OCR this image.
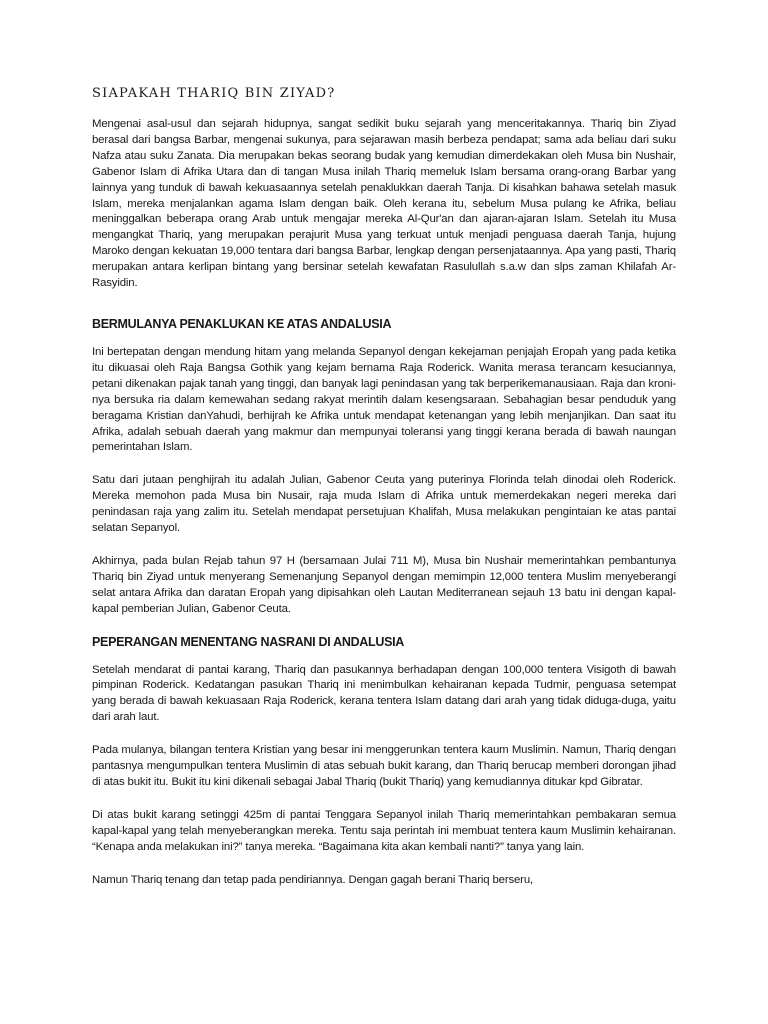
SIAPAKAH THARIQ BIN ZIYAD?

Mengenai asal-usul dan sejarah hidupnya, sangat sedikit buku sejarah yang menceritakannya. Thariq bin Ziyad berasal dari bangsa Barbar, mengenai sukunya, para sejarawan masih berbeza pendapat; sama ada beliau dari suku Nafza atau suku Zanata. Dia merupakan bekas seorang budak yang kemudian dimerdekakan oleh Musa bin Nushair, Gabenor Islam di Afrika Utara dan di tangan Musa inilah Thariq memeluk Islam bersama orang-orang Barbar yang lainnya yang tunduk di bawah kekuasaannya setelah penaklukkan daerah Tanja. Di kisahkan bahawa setelah masuk Islam, mereka menjalankan agama Islam dengan baik. Oleh kerana itu, sebelum Musa pulang ke Afrika, beliau meninggalkan beberapa orang Arab untuk mengajar mereka Al-Qur'an dan ajaran-ajaran Islam. Setelah itu Musa mengangkat Thariq, yang merupakan perajurit Musa yang terkuat untuk menjadi penguasa daerah Tanja, hujung Maroko dengan kekuatan 19,000 tentara dari bangsa Barbar, lengkap dengan persenjataannya. Apa yang pasti, Thariq merupakan antara kerlipan bintang yang bersinar setelah kewafatan Rasulullah s.a.w dan slps zaman Khilafah Ar-Rasyidin.

BERMULANYA PENAKLUKAN KE ATAS ANDALUSIA

Ini bertepatan dengan mendung hitam yang melanda Sepanyol dengan kekejaman penjajah Eropah yang pada ketika itu dikuasai oleh Raja Bangsa Gothik yang kejam bernama Raja Roderick. Wanita merasa terancam kesuciannya, petani dikenakan pajak tanah yang tinggi, dan banyak lagi penindasan yang tak berperikemanausiaan. Raja dan kroni-nya bersuka ria dalam kemewahan sedang rakyat merintih dalam kesengsaraan. Sebahagian besar penduduk yang beragama Kristian danYahudi, berhijrah ke Afrika untuk mendapat ketenangan yang lebih menjanjikan. Dan saat itu Afrika, adalah sebuah daerah yang makmur dan mempunyai toleransi yang tinggi kerana berada di bawah naungan pemerintahan Islam.

Satu dari jutaan penghijrah itu adalah Julian, Gabenor Ceuta yang puterinya Florinda telah dinodai oleh Roderick. Mereka memohon pada Musa bin Nusair, raja muda Islam di Afrika untuk memerdekakan negeri mereka dari penindasan raja yang zalim itu. Setelah mendapat persetujuan Khalifah, Musa melakukan pengintaian ke atas pantai selatan Sepanyol.

Akhirnya, pada bulan Rejab tahun 97 H (bersamaan Julai 711 M), Musa bin Nushair memerintahkan pembantunya Thariq bin Ziyad untuk menyerang Semenanjung Sepanyol dengan memimpin 12,000 tentera Muslim menyeberangi selat antara Afrika dan daratan Eropah yang dipisahkan oleh Lautan Mediterranean sejauh 13 batu ini dengan kapal-kapal pemberian Julian, Gabenor Ceuta.

PEPERANGAN MENENTANG NASRANI DI ANDALUSIA

Setelah mendarat di pantai karang, Thariq dan pasukannya berhadapan dengan 100,000 tentera Visigoth di bawah pimpinan Roderick. Kedatangan pasukan Thariq ini menimbulkan kehairanan kepada Tudmir, penguasa setempat yang berada di bawah kekuasaan Raja Roderick, kerana tentera Islam datang dari arah yang tidak diduga-duga, yaitu dari arah laut.

Pada mulanya, bilangan tentera Kristian yang besar ini menggerunkan tentera kaum Muslimin. Namun, Thariq dengan pantasnya mengumpulkan tentera Muslimin di atas sebuah bukit karang, dan Thariq berucap memberi dorongan jihad di atas bukit itu. Bukit itu kini dikenali sebagai Jabal Thariq (bukit Thariq) yang kemudiannya ditukar kpd Gibratar.

Di atas bukit karang setinggi 425m di pantai Tenggara Sepanyol inilah Thariq memerintahkan pembakaran semua kapal-kapal yang telah menyeberangkan mereka. Tentu saja perintah ini membuat tentera kaum Muslimin kehairanan. “Kenapa anda melakukan ini?” tanya mereka. “Bagaimana kita akan kembali nanti?” tanya yang lain.

Namun Thariq tenang dan tetap pada pendiriannya. Dengan gagah berani Thariq berseru,
